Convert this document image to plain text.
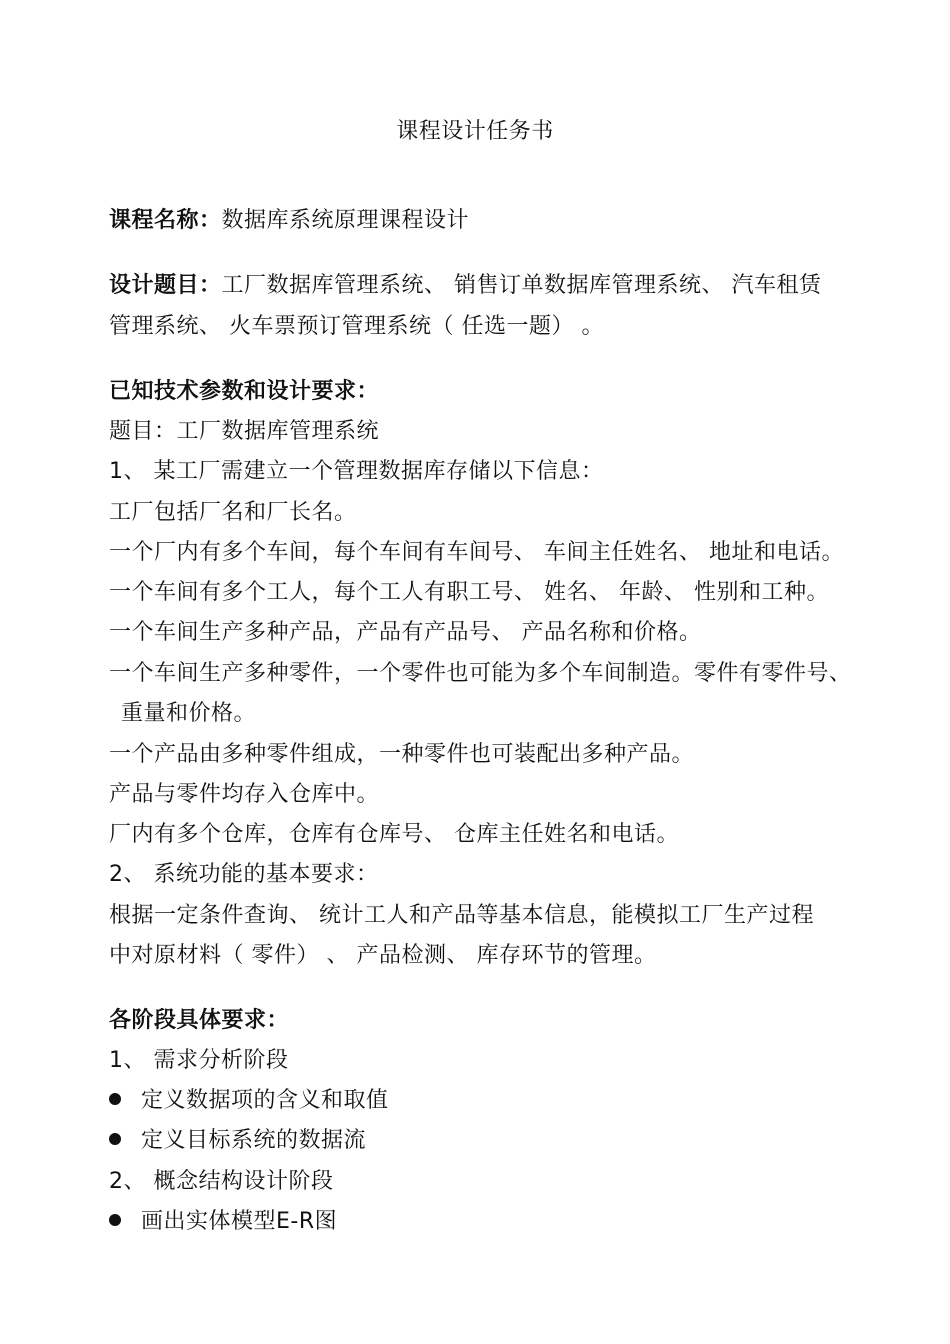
课程设计任务书
课程名称：数据库系统原理课程设计
设计题目：工厂数据库管理系统、 销售订单数据库管理系统、 汽车租赁
管理系统、 火车票预订管理系统（ 任选一题） 。
已知技术参数和设计要求：
题目：工厂数据库管理系统
1、 某工厂需建立一个管理数据库存储以下信息：
工厂包括厂名和厂长名。
一个厂内有多个车间，每个车间有车间号、 车间主任姓名、 地址和电话。
一个车间有多个工人，每个工人有职工号、 姓名、 年龄、 性别和工种。
一个车间生产多种产品，产品有产品号、 产品名称和价格。
一个车间生产多种零件，一个零件也可能为多个车间制造。零件有零件号、
重量和价格。
一个产品由多种零件组成，一种零件也可装配出多种产品。
产品与零件均存入仓库中。
厂内有多个仓库，仓库有仓库号、 仓库主任姓名和电话。
2、 系统功能的基本要求：
根据一定条件查询、 统计工人和产品等基本信息，能模拟工厂生产过程
中对原材料（ 零件） 、 产品检测、 库存环节的管理。
各阶段具体要求：
1、 需求分析阶段
定义数据项的含义和取值
定义目标系统的数据流
2、 概念结构设计阶段
画出实体模型E-R图
